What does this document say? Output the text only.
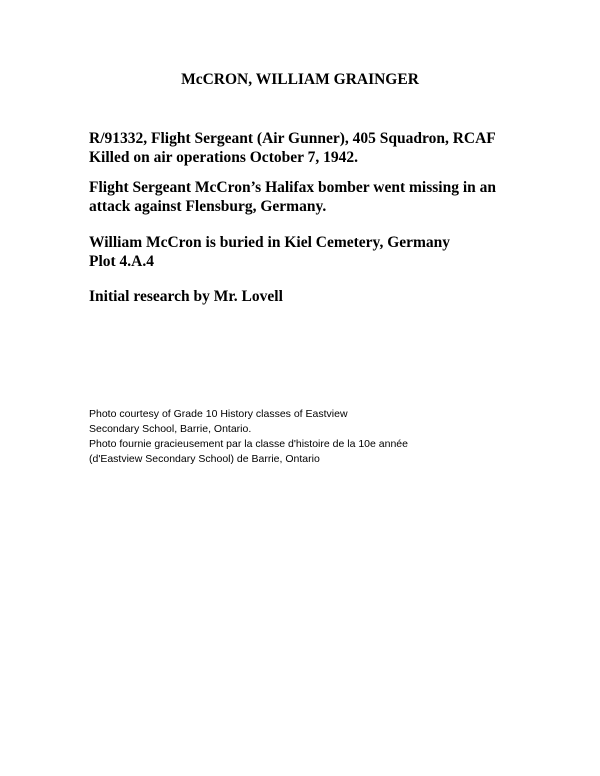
McCRON, WILLIAM GRAINGER

R/91332, Flight Sergeant (Air Gunner), 405 Squadron, RCAF
Killed on air operations October 7, 1942.

Flight Sergeant McCron’s Halifax bomber went missing in an
attack against Flensburg, Germany.

William McCron is buried in Kiel Cemetery, Germany
Plot 4.A.4

Initial research by Mr. Lovell

Photo courtesy of Grade 10 History classes of Eastview
Secondary School, Barrie, Ontario.
Photo fournie gracieusement par la classe d'histoire de la 10e année
(d'Eastview Secondary School) de Barrie, Ontario
